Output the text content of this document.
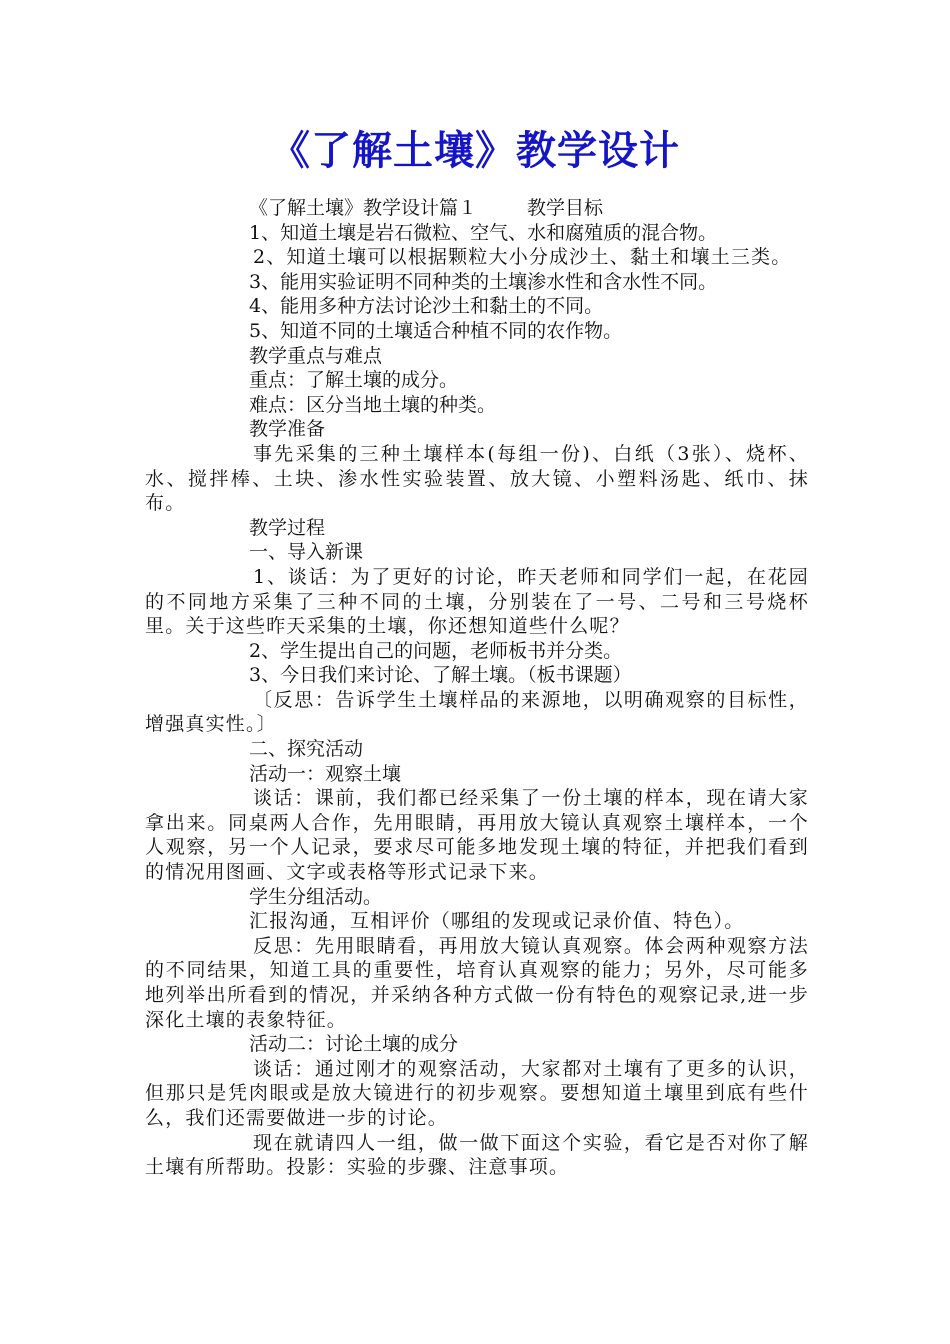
《了解土壤》教学设计

《了解土壤》教学设计篇１	教学目标

1、知道土壤是岩石微粒、空气、水和腐殖质的混合物。

2、知道土壤可以根据颗粒大小分成沙土、黏土和壤土三类。

3、能用实验证明不同种类的土壤渗水性和含水性不同。

4、能用多种方法讨论沙土和黏土的不同。

5、知道不同的土壤适合种植不同的农作物。

教学重点与难点

重点：了解土壤的成分。

难点：区分当地土壤的种类。

教学准备

事先采集的三种土壤样本(每组一份)、白纸（3张）、烧杯、水、搅拌棒、土块、渗水性实验装置、放大镜、小塑料汤匙、纸巾、抹布。

教学过程

一、导入新课

1、谈话：为了更好的讨论，昨天老师和同学们一起，在花园的不同地方采集了三种不同的土壤，分别装在了一号、二号和三号烧杯里。关于这些昨天采集的土壤，你还想知道些什么呢？

2、学生提出自己的问题，老师板书并分类。

3、今日我们来讨论、了解土壤。（板书课题）

〔反思：告诉学生土壤样品的来源地，以明确观察的目标性，增强真实性。〕

二、探究活动

活动一：观察土壤

谈话：课前，我们都已经采集了一份土壤的样本，现在请大家拿出来。同桌两人合作，先用眼睛，再用放大镜认真观察土壤样本，一个人观察，另一个人记录，要求尽可能多地发现土壤的特征，并把我们看到的情况用图画、文字或表格等形式记录下来。

学生分组活动。

汇报沟通，互相评价（哪组的发现或记录价值、特色）。

反思：先用眼睛看，再用放大镜认真观察。体会两种观察方法的不同结果，知道工具的重要性，培育认真观察的能力；另外，尽可能多地列举出所看到的情况，并采纳各种方式做一份有特色的观察记录,进一步深化土壤的表象特征。

活动二：讨论土壤的成分

谈话：通过刚才的观察活动，大家都对土壤有了更多的认识，但那只是凭肉眼或是放大镜进行的初步观察。要想知道土壤里到底有些什么，我们还需要做进一步的讨论。

现在就请四人一组，做一做下面这个实验，看它是否对你了解土壤有所帮助。投影：实验的步骤、注意事项。
